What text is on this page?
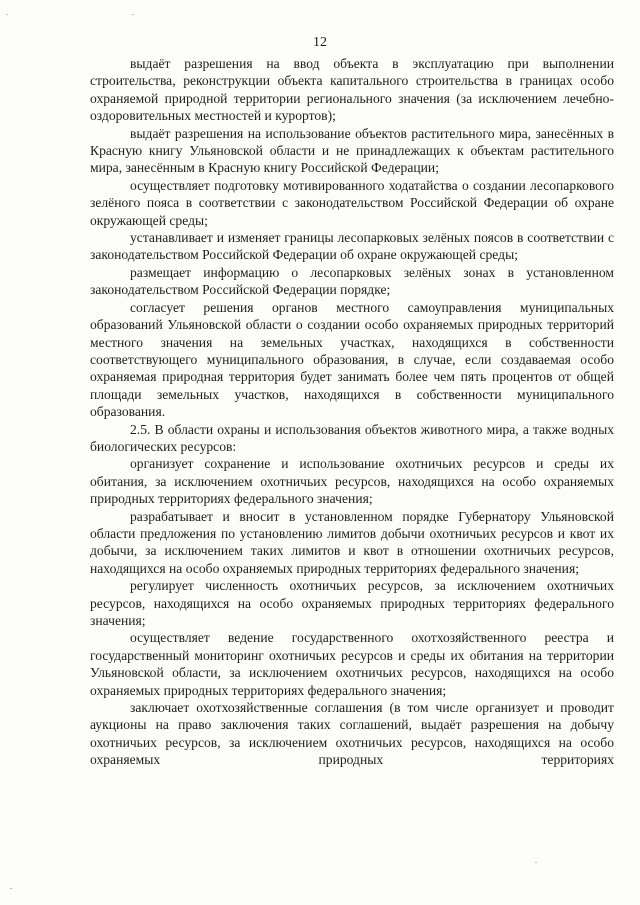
12

выдаёт разрешения на ввод объекта в эксплуатацию при выполнении строительства, реконструкции объекта капитального строительства в границах особо охраняемой природной территории регионального значения (за исключением лечебно-оздоровительных местностей и курортов);

выдаёт разрешения на использование объектов растительного мира, занесённых в Красную книгу Ульяновской области и не принадлежащих к объектам растительного мира, занесённым в Красную книгу Российской Федерации;

осуществляет подготовку мотивированного ходатайства о создании лесопаркового зелёного пояса в соответствии с законодательством Российской Федерации об охране окружающей среды;

устанавливает и изменяет границы лесопарковых зелёных поясов в соответствии с законодательством Российской Федерации об охране окружающей среды;

размещает информацию о лесопарковых зелёных зонах в установленном законодательством Российской Федерации порядке;

согласует решения органов местного самоуправления муниципальных образований Ульяновской области о создании особо охраняемых природных территорий местного значения на земельных участках, находящихся в собственности соответствующего муниципального образования, в случае, если создаваемая особо охраняемая природная территория будет занимать более чем пять процентов от общей площади земельных участков, находящихся в собственности муниципального образования.

2.5. В области охраны и использования объектов животного мира, а также водных биологических ресурсов:

организует сохранение и использование охотничьих ресурсов и среды их обитания, за исключением охотничьих ресурсов, находящихся на особо охраняемых природных территориях федерального значения;

разрабатывает и вносит в установленном порядке Губернатору Ульяновской области предложения по установлению лимитов добычи охотничьих ресурсов и квот их добычи, за исключением таких лимитов и квот в отношении охотничьих ресурсов, находящихся на особо охраняемых природных территориях федерального значения;

регулирует численность охотничьих ресурсов, за исключением охотничьих ресурсов, находящихся на особо охраняемых природных территориях федерального значения;

осуществляет ведение государственного охотхозяйственного реестра и государственный мониторинг охотничьих ресурсов и среды их обитания на территории Ульяновской области, за исключением охотничьих ресурсов, находящихся на особо охраняемых природных территориях федерального значения;

заключает охотхозяйственные соглашения (в том числе организует и проводит аукционы на право заключения таких соглашений, выдаёт разрешения на добычу охотничьих ресурсов, за исключением охотничьих ресурсов, находящихся на особо охраняемых природных территориях
